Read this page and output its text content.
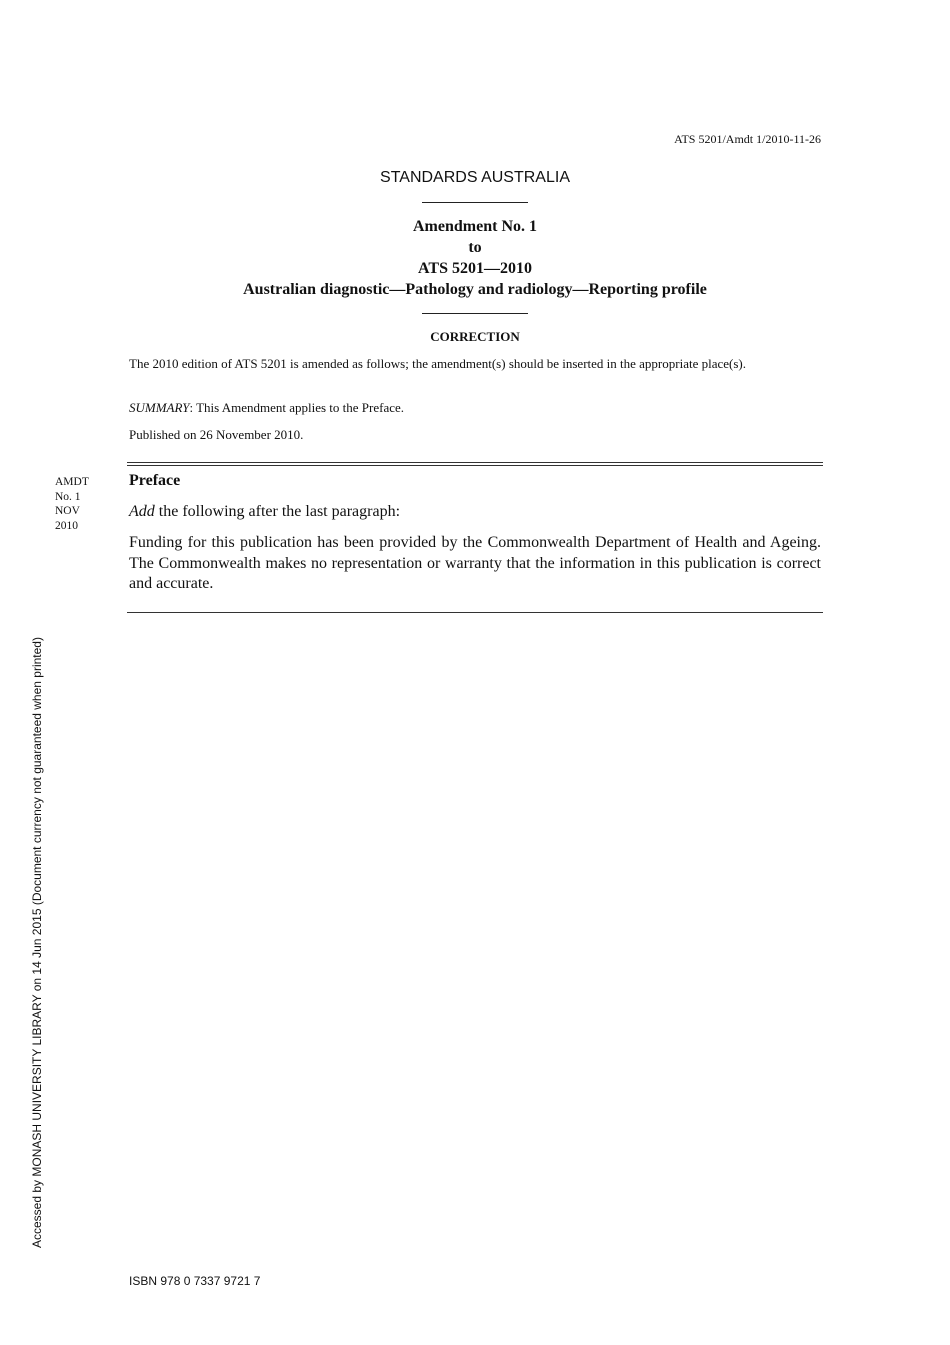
ATS 5201/Amdt 1/2010-11-26
STANDARDS AUSTRALIA
Amendment No. 1
to
ATS 5201—2010
Australian diagnostic—Pathology and radiology—Reporting profile
CORRECTION
The 2010 edition of ATS 5201 is amended as follows; the amendment(s) should be inserted in the appropriate place(s).
SUMMARY: This Amendment applies to the Preface.
Published on 26 November 2010.
AMDT
No. 1
NOV
2010
Preface
Add the following after the last paragraph:
Funding for this publication has been provided by the Commonwealth Department of Health and Ageing. The Commonwealth makes no representation or warranty that the information in this publication is correct and accurate.
Accessed by MONASH UNIVERSITY LIBRARY on 14 Jun 2015 (Document currency not guaranteed when printed)
ISBN 978 0 7337 9721 7
